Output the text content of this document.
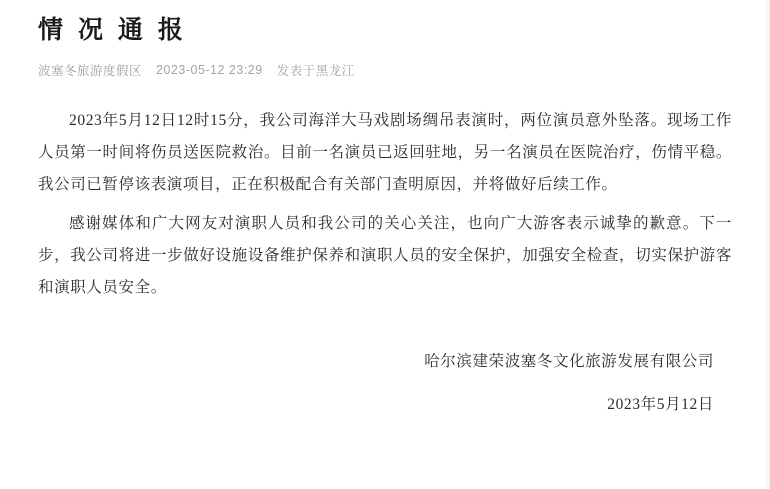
情 况 通 报
波塞冬旅游度假区 2023-05-12 23:29 发表于黑龙江

2023年5月12日12时15分，我公司海洋大马戏剧场绸吊表演时，两位演员意外坠落。现场工作人员第一时间将伤员送医院救治。目前一名演员已返回驻地，另一名演员在医院治疗，伤情平稳。我公司已暂停该表演项目，正在积极配合有关部门查明原因，并将做好后续工作。

感谢媒体和广大网友对演职人员和我公司的关心关注，也向广大游客表示诚挚的歉意。下一步，我公司将进一步做好设施设备维护保养和演职人员的安全保护，加强安全检查，切实保护游客和演职人员安全。

哈尔滨建荣波塞冬文化旅游发展有限公司
2023年5月12日
